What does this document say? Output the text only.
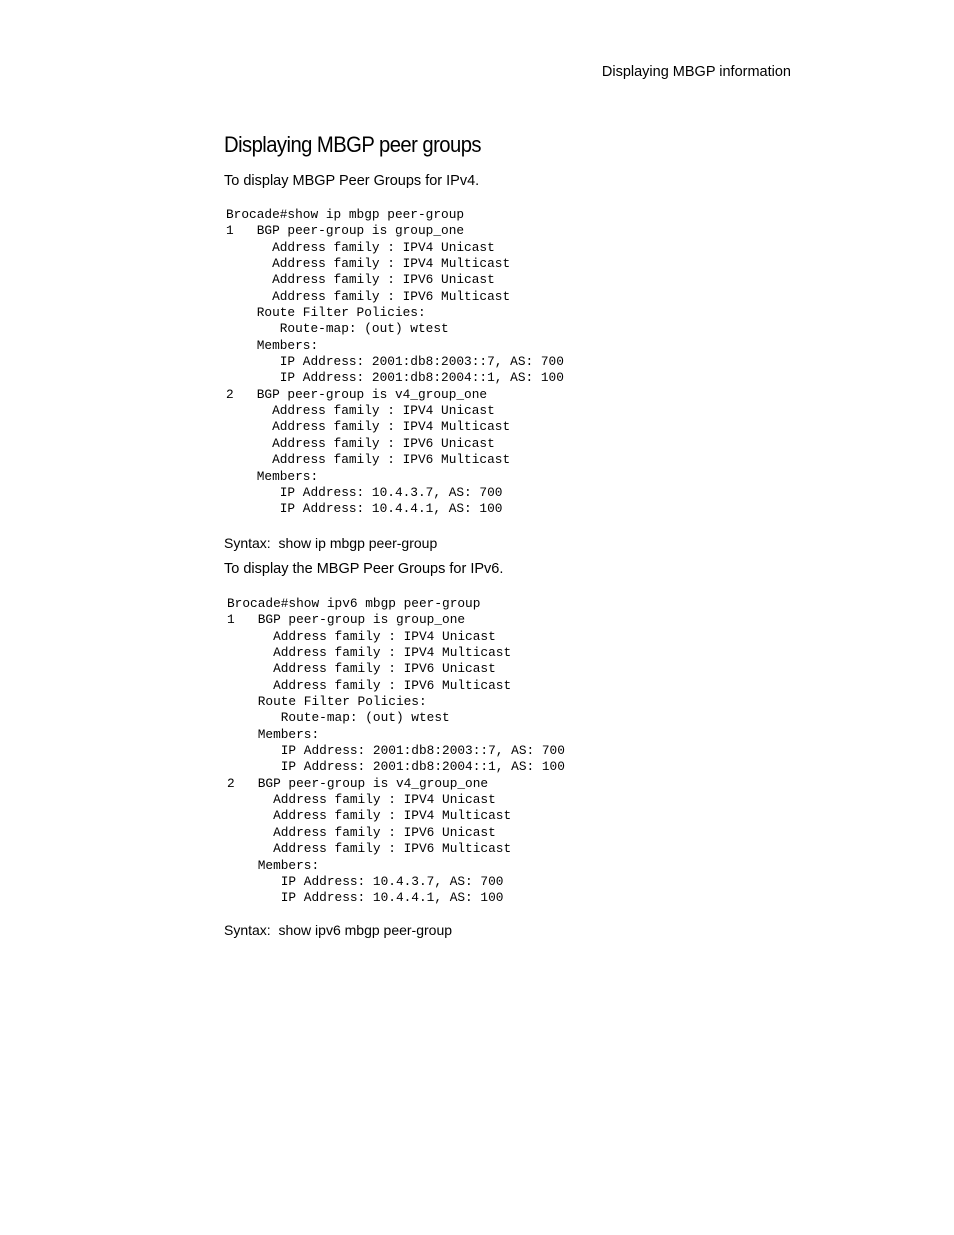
Displaying MBGP information
Displaying MBGP peer groups

To display MBGP Peer Groups for IPv4.

Brocade#show ip mbgp peer-group
1   BGP peer-group is group_one
Address family : IPV4 Unicast
Address family : IPV4 Multicast
Address family : IPV6 Unicast
Address family : IPV6 Multicast
Route Filter Policies:
Route-map: (out) wtest
Members:
IP Address: 2001:db8:2003::7, AS: 700
IP Address: 2001:db8:2004::1, AS: 100
2   BGP peer-group is v4_group_one
Address family : IPV4 Unicast
Address family : IPV4 Multicast
Address family : IPV6 Unicast
Address family : IPV6 Multicast
Members:
IP Address: 10.4.3.7, AS: 700
IP Address: 10.4.4.1, AS: 100

Syntax: show ip mbgp peer-group

To display the MBGP Peer Groups for IPv6.

Brocade#show ipv6 mbgp peer-group
1   BGP peer-group is group_one
Address family : IPV4 Unicast
Address family : IPV4 Multicast
Address family : IPV6 Unicast
Address family : IPV6 Multicast
Route Filter Policies:
Route-map: (out) wtest
Members:
IP Address: 2001:db8:2003::7, AS: 700
IP Address: 2001:db8:2004::1, AS: 100
2   BGP peer-group is v4_group_one
Address family : IPV4 Unicast
Address family : IPV4 Multicast
Address family : IPV6 Unicast
Address family : IPV6 Multicast
Members:
IP Address: 10.4.3.7, AS: 700
IP Address: 10.4.4.1, AS: 100

Syntax: show ipv6 mbgp peer-group
